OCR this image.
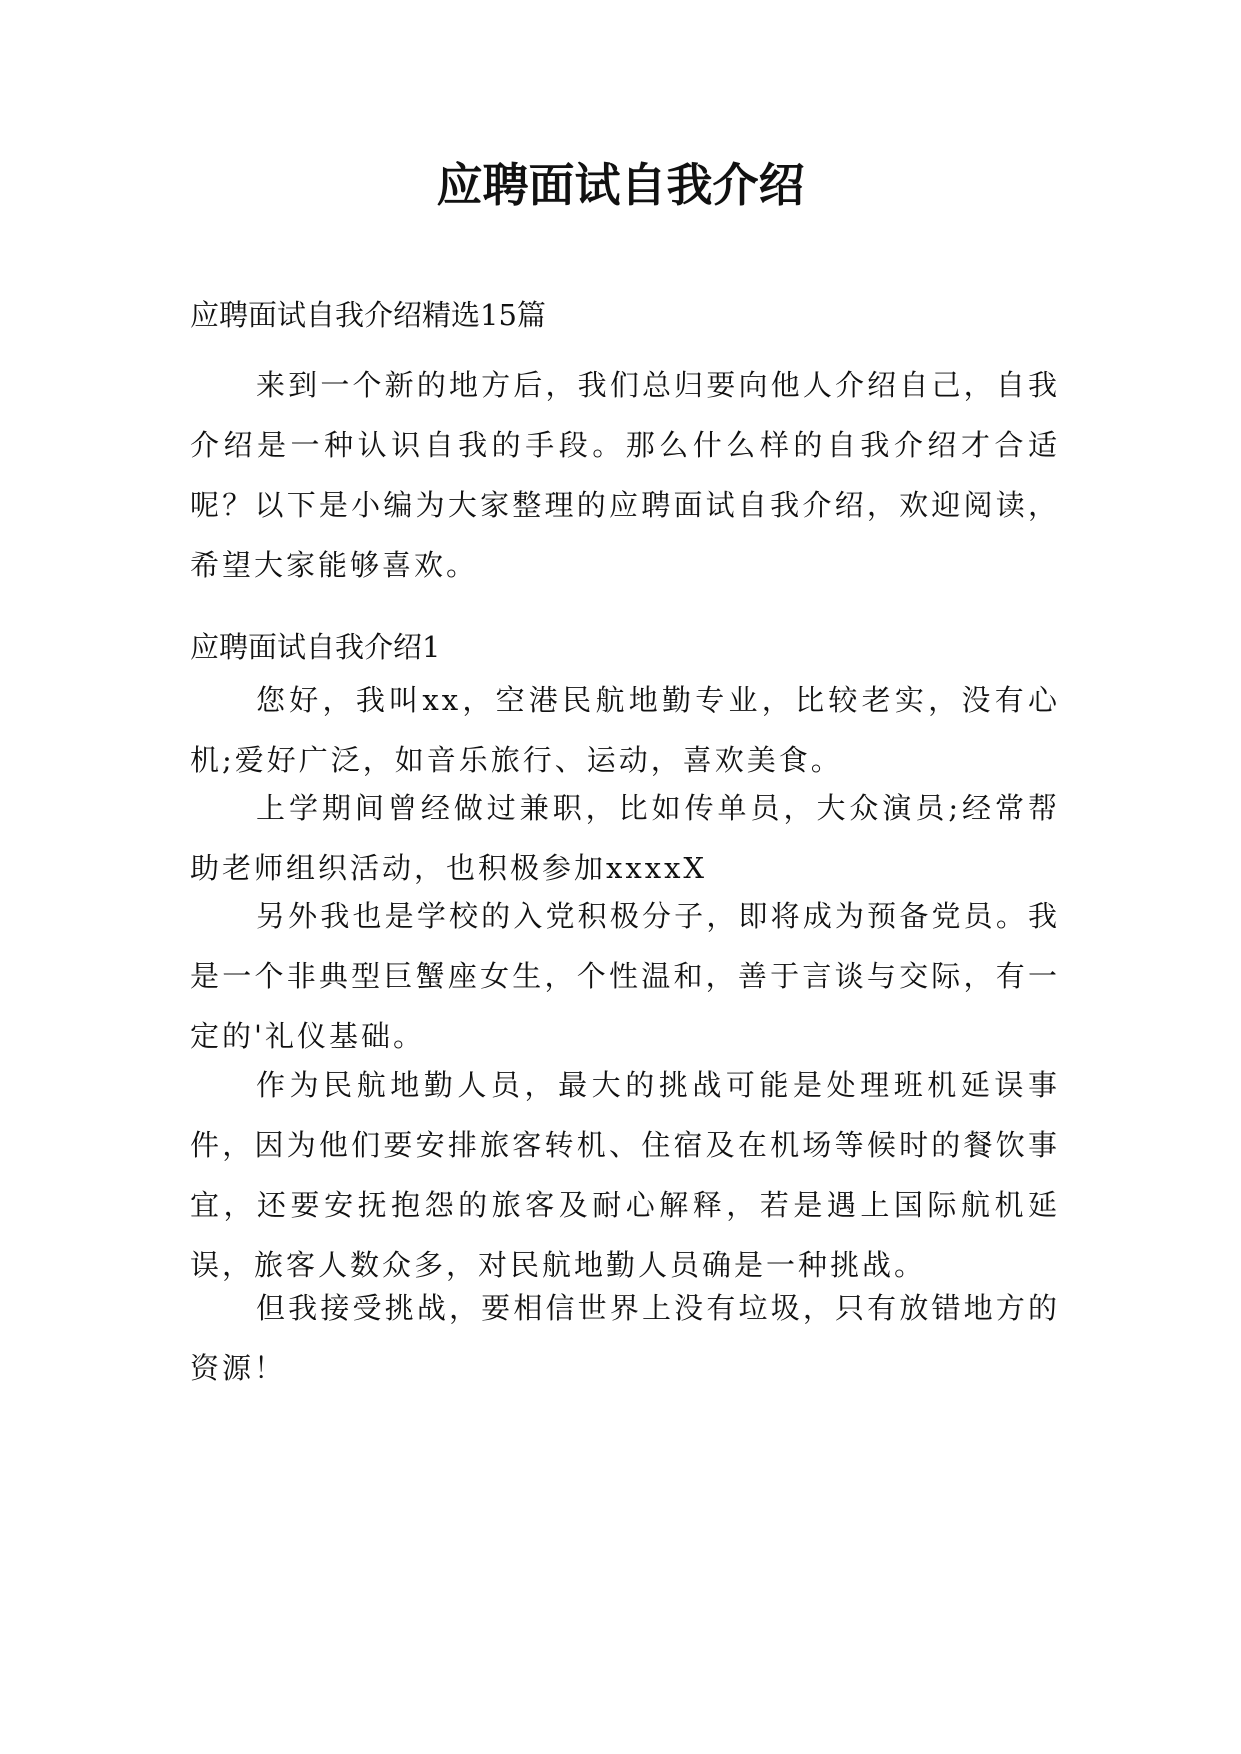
应聘面试自我介绍

应聘面试自我介绍精选15篇

来到一个新的地方后，我们总归要向他人介绍自己，自我介绍是一种认识自我的手段。那么什么样的自我介绍才合适呢？以下是小编为大家整理的应聘面试自我介绍，欢迎阅读，希望大家能够喜欢。

应聘面试自我介绍1

您好，我叫xx，空港民航地勤专业，比较老实，没有心机;爱好广泛，如音乐旅行、运动，喜欢美食。

上学期间曾经做过兼职，比如传单员，大众演员;经常帮助老师组织活动，也积极参加xxxxX

另外我也是学校的入党积极分子，即将成为预备党员。我是一个非典型巨蟹座女生，个性温和，善于言谈与交际，有一定的'礼仪基础。

作为民航地勤人员，最大的挑战可能是处理班机延误事件，因为他们要安排旅客转机、住宿及在机场等候时的餐饮事宜，还要安抚抱怨的旅客及耐心解释，若是遇上国际航机延误，旅客人数众多，对民航地勤人员确是一种挑战。

但我接受挑战，要相信世界上没有垃圾，只有放错地方的资源！
